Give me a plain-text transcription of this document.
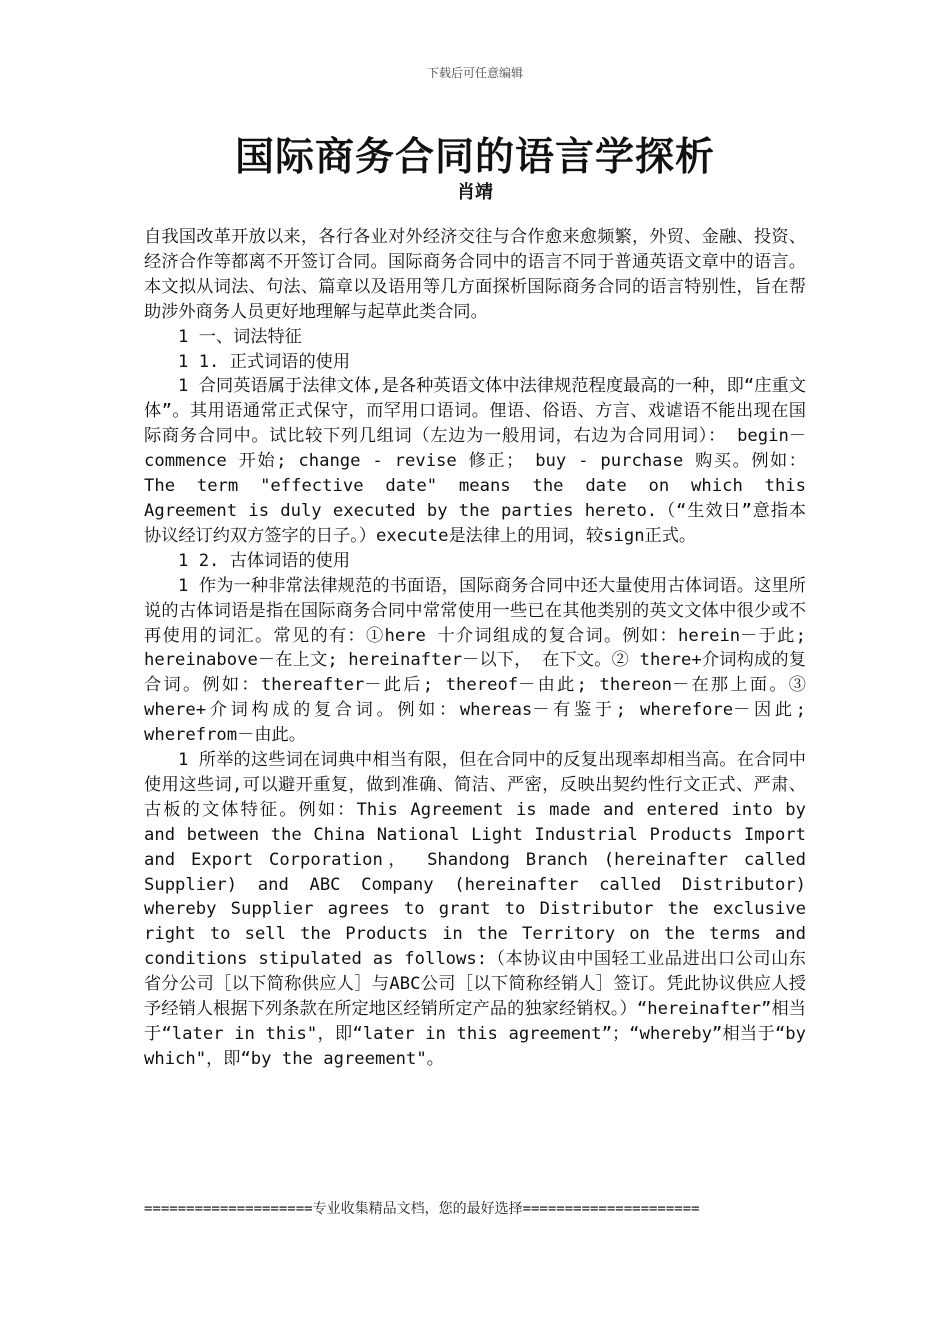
下载后可任意编辑
国际商务合同的语言学探析
肖靖

自我国改革开放以来，各行各业对外经济交往与合作愈来愈频繁，外贸、金融、投资、经济合作等都离不开签订合同。国际商务合同中的语言不同于普通英语文章中的语言。本文拟从词法、句法、篇章以及语用等几方面探析国际商务合同的语言特别性，旨在帮助涉外商务人员更好地理解与起草此类合同。

1 一、词法特征

1 1. 正式词语的使用

1 合同英语属于法律文体,是各种英语文体中法律规范程度最高的一种，即“庄重文体”。其用语通常正式保守，而罕用口语词。俚语、俗语、方言、戏谑语不能出现在国际商务合同中。试比较下列几组词（左边为一般用词，右边为合同用词）： begin－commence 开始; change - revise 修正； buy - purchase 购买。例如：The term "effective date" means the date on which this Agreement is duly executed by the parties hereto.（“生效日”意指本协议经订约双方签字的日子。）execute是法律上的用词，较sign正式。

1 2. 古体词语的使用

1 作为一种非常法律规范的书面语，国际商务合同中还大量使用古体词语。这里所说的古体词语是指在国际商务合同中常常使用一些已在其他类别的英文文体中很少或不再使用的词汇。常见的有：①here 十介词组成的复合词。例如：herein－于此; hereinabove－在上文; hereinafter－以下， 在下文。② there+介词构成的复合词。例如：thereafter－此后; thereof－由此; thereon－在那上面。③ where+介词构成的复合词。例如：whereas－有鉴于; wherefore－因此; wherefrom－由此。

1 所举的这些词在词典中相当有限，但在合同中的反复出现率却相当高。在合同中使用这些词,可以避开重复，做到准确、简洁、严密，反映出契约性行文正式、严肃、古板的文体特征。例如：This Agreement is made and entered into by and between the China National Light Industrial Products Import and Export Corporation， Shandong Branch (hereinafter called Supplier) and ABC Company (hereinafter called Distributor) whereby Supplier agrees to grant to Distributor the exclusive right to sell the Products in the Territory on the terms and conditions stipulated as follows:（本协议由中国轻工业品进出口公司山东省分公司［以下简称供应人］与ABC公司［以下简称经销人］签订。凭此协议供应人授予经销人根据下列条款在所定地区经销所定产品的独家经销权。）“hereinafter”相当于“later in this"，即“later in this agreement”；“whereby”相当于“by which"，即“by the agreement"。

====================专业收集精品文档，您的最好选择=====================
